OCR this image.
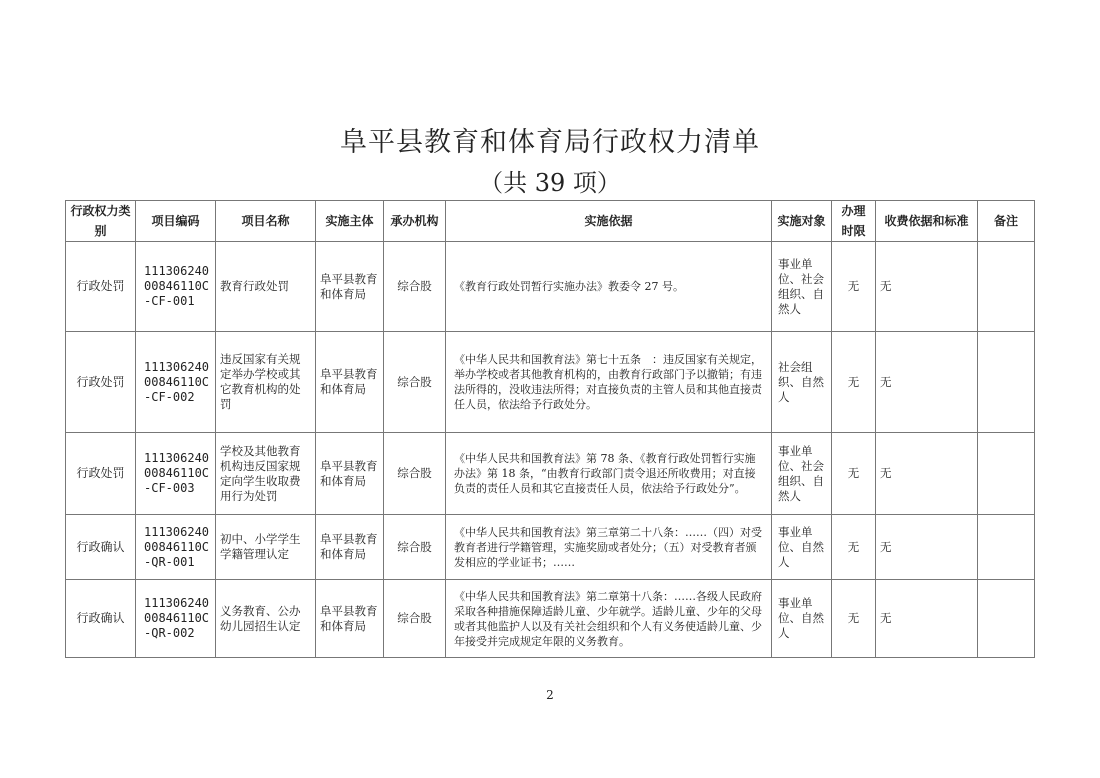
阜平县教育和体育局行政权力清单
（共 39 项）
行政权力类别	项目编码	项目名称	实施主体	承办机构	实施依据	实施对象	办理时限	收费依据和标准	备注
行政处罚	11130624000846110C-CF-001	教育行政处罚	阜平县教育和体育局	综合股	《教育行政处罚暂行实施办法》教委令 27 号。	事业单位、社会组织、自然人	无	无	
行政处罚	11130624000846110C-CF-002	违反国家有关规定举办学校或其它教育机构的处罚	阜平县教育和体育局	综合股	《中华人民共和国教育法》第七十五条　：违反国家有关规定，举办学校或者其他教育机构的，由教育行政部门予以撤销；有违法所得的，没收违法所得；对直接负责的主管人员和其他直接责任人员，依法给予行政处分。	社会组织、自然人	无	无	
行政处罚	11130624000846110C-CF-003	学校及其他教育机构违反国家规定向学生收取费用行为处罚	阜平县教育和体育局	综合股	《中华人民共和国教育法》第 78 条、《教育行政处罚暂行实施办法》第 18 条，“由教育行政部门责令退还所收费用；对直接负责的责任人员和其它直接责任人员，依法给予行政处分”。	事业单位、社会组织、自然人	无	无	
行政确认	11130624000846110C-QR-001	初中、小学学生学籍管理认定	阜平县教育和体育局	综合股	《中华人民共和国教育法》第三章第二十八条：……（四）对受教育者进行学籍管理，实施奖励或者处分；（五）对受教育者颁发相应的学业证书；……	事业单位、自然人	无	无	
行政确认	11130624000846110C-QR-002	义务教育、公办幼儿园招生认定	阜平县教育和体育局	综合股	《中华人民共和国教育法》第二章第十八条：……各级人民政府采取各种措施保障适龄儿童、少年就学。适龄儿童、少年的父母或者其他监护人以及有关社会组织和个人有义务使适龄儿童、少年接受并完成规定年限的义务教育。	事业单位、自然人	无	无	
2
